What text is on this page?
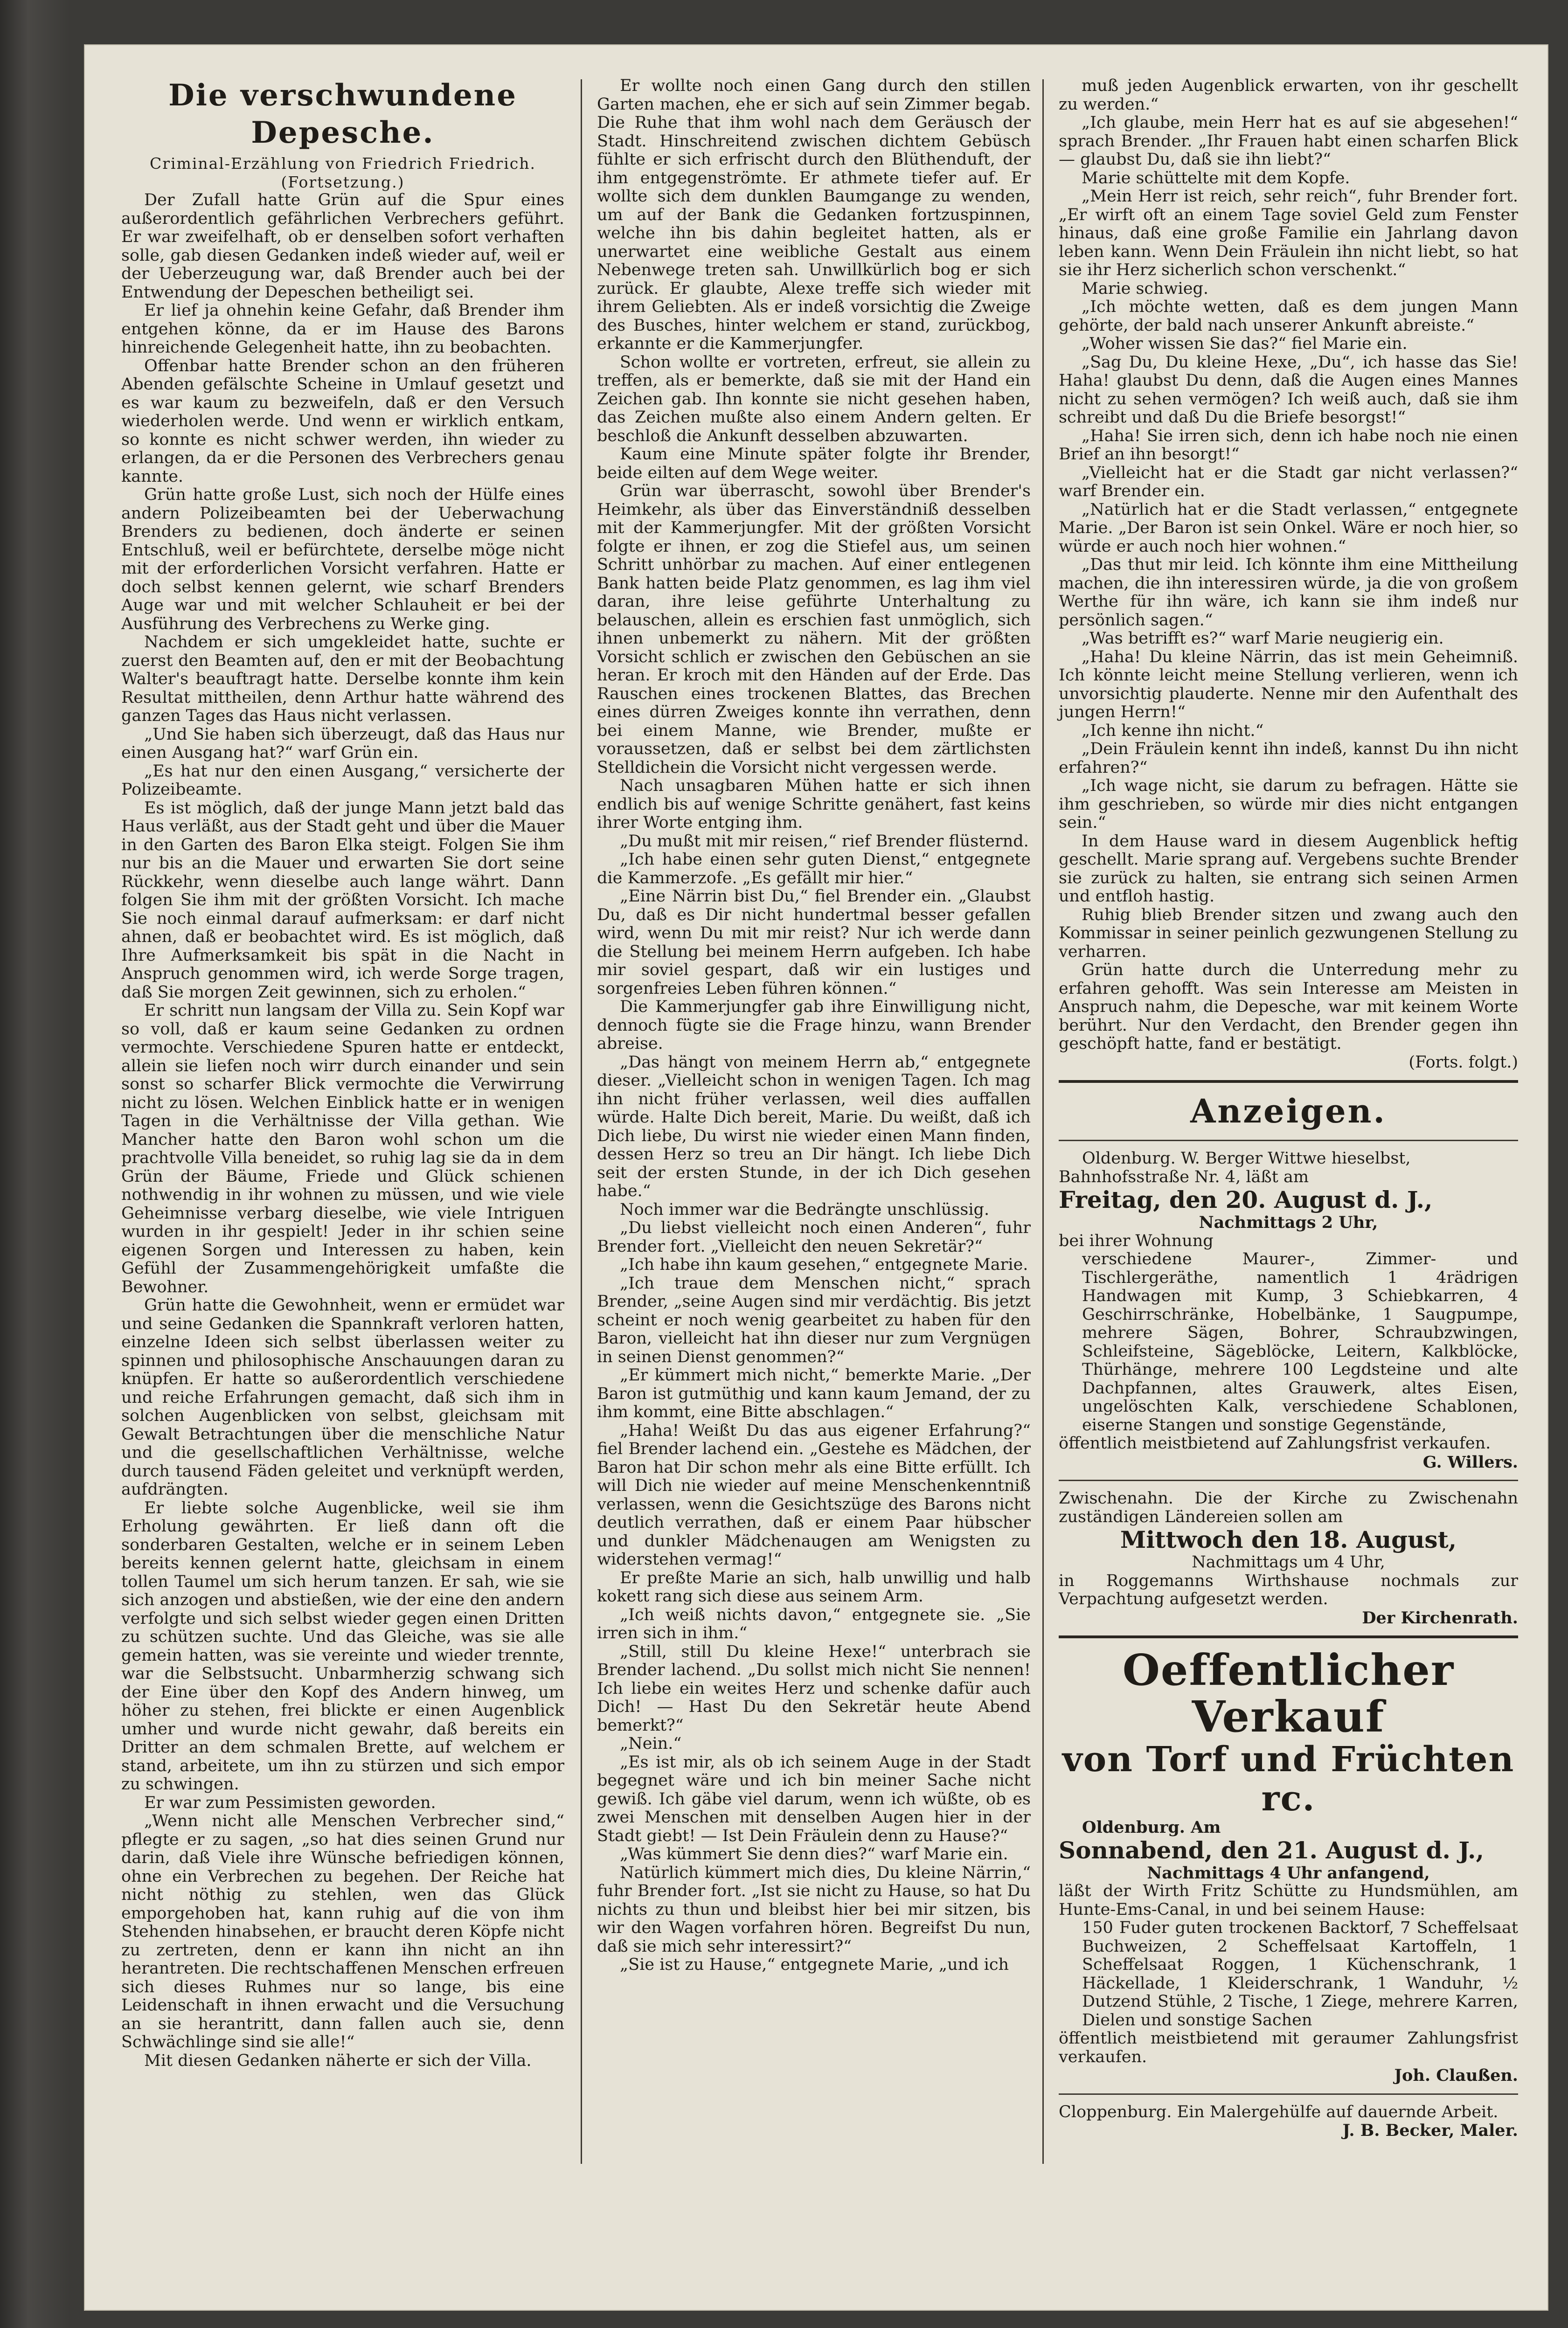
Die verschwundene Depesche.
Criminal-Erzählung von Friedrich Friedrich.
(Fortsetzung.)

Der Zufall hatte Grün auf die Spur eines außerordentlich gefährlichen Verbrechers geführt. Er war zweifelhaft, ob er denselben sofort verhaften solle, gab diesen Gedanken indeß wieder auf, weil er der Ueberzeugung war, daß Brender auch bei der Entwendung der Depeschen betheiligt sei.

Er lief ja ohnehin keine Gefahr, daß Brender ihm entgehen könne, da er im Hause des Barons hinreichende Gelegenheit hatte, ihn zu beobachten.

Offenbar hatte Brender schon an den früheren Abenden gefälschte Scheine in Umlauf gesetzt und es war kaum zu bezweifeln, daß er den Versuch wiederholen werde. Und wenn er wirklich entkam, so konnte es nicht schwer werden, ihn wieder zu erlangen, da er die Personen des Verbrechers genau kannte.

Grün hatte große Lust, sich noch der Hülfe eines andern Polizeibeamten bei der Ueberwachung Brenders zu bedienen, doch änderte er seinen Entschluß, weil er befürchtete, derselbe möge nicht mit der erforderlichen Vorsicht verfahren. Hatte er doch selbst kennen gelernt, wie scharf Brenders Auge war und mit welcher Schlauheit er bei der Ausführung des Verbrechens zu Werke ging.

Nachdem er sich umgekleidet hatte, suchte er zuerst den Beamten auf, den er mit der Beobachtung Walter's beauftragt hatte. Derselbe konnte ihm kein Resultat mittheilen, denn Arthur hatte während des ganzen Tages das Haus nicht verlassen.

„Und Sie haben sich überzeugt, daß das Haus nur einen Ausgang hat?“ warf Grün ein.

„Es hat nur den einen Ausgang,“ versicherte der Polizeibeamte.

Es ist möglich, daß der junge Mann jetzt bald das Haus verläßt, aus der Stadt geht und über die Mauer in den Garten des Baron Elka steigt. Folgen Sie ihm nur bis an die Mauer und erwarten Sie dort seine Rückkehr, wenn dieselbe auch lange währt. Dann folgen Sie ihm mit der größten Vorsicht. Ich mache Sie noch einmal darauf aufmerksam: er darf nicht ahnen, daß er beobachtet wird. Es ist möglich, daß Ihre Aufmerksamkeit bis spät in die Nacht in Anspruch genommen wird, ich werde Sorge tragen, daß Sie morgen Zeit gewinnen, sich zu erholen.“

Er schritt nun langsam der Villa zu. Sein Kopf war so voll, daß er kaum seine Gedanken zu ordnen vermochte. Verschiedene Spuren hatte er entdeckt, allein sie liefen noch wirr durch einander und sein sonst so scharfer Blick vermochte die Verwirrung nicht zu lösen. Welchen Einblick hatte er in wenigen Tagen in die Verhältnisse der Villa gethan. Wie Mancher hatte den Baron wohl schon um die prachtvolle Villa beneidet, so ruhig lag sie da in dem Grün der Bäume, Friede und Glück schienen nothwendig in ihr wohnen zu müssen, und wie viele Geheimnisse verbarg dieselbe, wie viele Intriguen wurden in ihr gespielt! Jeder in ihr schien seine eigenen Sorgen und Interessen zu haben, kein Gefühl der Zusammengehörigkeit umfaßte die Bewohner.

Grün hatte die Gewohnheit, wenn er ermüdet war und seine Gedanken die Spannkraft verloren hatten, einzelne Ideen sich selbst überlassen weiter zu spinnen und philosophische Anschauungen daran zu knüpfen. Er hatte so außerordentlich verschiedene und reiche Erfahrungen gemacht, daß sich ihm in solchen Augenblicken von selbst, gleichsam mit Gewalt Betrachtungen über die menschliche Natur und die gesellschaftlichen Verhältnisse, welche durch tausend Fäden geleitet und verknüpft werden, aufdrängten.

Er liebte solche Augenblicke, weil sie ihm Erholung gewährten. Er ließ dann oft die sonderbaren Gestalten, welche er in seinem Leben bereits kennen gelernt hatte, gleichsam in einem tollen Taumel um sich herum tanzen. Er sah, wie sie sich anzogen und abstießen, wie der eine den andern verfolgte und sich selbst wieder gegen einen Dritten zu schützen suchte. Und das Gleiche, was sie alle gemein hatten, was sie vereinte und wieder trennte, war die Selbstsucht. Unbarmherzig schwang sich der Eine über den Kopf des Andern hinweg, um höher zu stehen, frei blickte er einen Augenblick umher und wurde nicht gewahr, daß bereits ein Dritter an dem schmalen Brette, auf welchem er stand, arbeitete, um ihn zu stürzen und sich empor zu schwingen.

Er war zum Pessimisten geworden.

„Wenn nicht alle Menschen Verbrecher sind,“ pflegte er zu sagen, „so hat dies seinen Grund nur darin, daß Viele ihre Wünsche befriedigen können, ohne ein Verbrechen zu begehen. Der Reiche hat nicht nöthig zu stehlen, wen das Glück emporgehoben hat, kann ruhig auf die von ihm Stehenden hinabsehen, er braucht deren Köpfe nicht zu zertreten, denn er kann ihn nicht an ihn herantreten. Die rechtschaffenen Menschen erfreuen sich dieses Ruhmes nur so lange, bis eine Leidenschaft in ihnen erwacht und die Versuchung an sie herantritt, dann fallen auch sie, denn Schwächlinge sind sie alle!“

Mit diesen Gedanken näherte er sich der Villa.

Er wollte noch einen Gang durch den stillen Garten machen, ehe er sich auf sein Zimmer begab. Die Ruhe that ihm wohl nach dem Geräusch der Stadt. Hinschreitend zwischen dichtem Gebüsch fühlte er sich erfrischt durch den Blüthenduft, der ihm entgegenströmte. Er athmete tiefer auf. Er wollte sich dem dunklen Baumgange zu wenden, um auf der Bank die Gedanken fortzuspinnen, welche ihn bis dahin begleitet hatten, als er unerwartet eine weibliche Gestalt aus einem Nebenwege treten sah. Unwillkürlich bog er sich zurück. Er glaubte, Alexe treffe sich wieder mit ihrem Geliebten. Als er indeß vorsichtig die Zweige des Busches, hinter welchem er stand, zurückbog, erkannte er die Kammerjungfer.

Schon wollte er vortreten, erfreut, sie allein zu treffen, als er bemerkte, daß sie mit der Hand ein Zeichen gab. Ihn konnte sie nicht gesehen haben, das Zeichen mußte also einem Andern gelten. Er beschloß die Ankunft desselben abzuwarten.

Kaum eine Minute später folgte ihr Brender, beide eilten auf dem Wege weiter.

Grün war überrascht, sowohl über Brender's Heimkehr, als über das Einverständniß desselben mit der Kammerjungfer. Mit der größten Vorsicht folgte er ihnen, er zog die Stiefel aus, um seinen Schritt unhörbar zu machen. Auf einer entlegenen Bank hatten beide Platz genommen, es lag ihm viel daran, ihre leise geführte Unterhaltung zu belauschen, allein es erschien fast unmöglich, sich ihnen unbemerkt zu nähern. Mit der größten Vorsicht schlich er zwischen den Gebüschen an sie heran. Er kroch mit den Händen auf der Erde. Das Rauschen eines trockenen Blattes, das Brechen eines dürren Zweiges konnte ihn verrathen, denn bei einem Manne, wie Brender, mußte er voraussetzen, daß er selbst bei dem zärtlichsten Stelldichein die Vorsicht nicht vergessen werde.

Nach unsagbaren Mühen hatte er sich ihnen endlich bis auf wenige Schritte genähert, fast keins ihrer Worte entging ihm.

„Du mußt mit mir reisen,“ rief Brender flüsternd.

„Ich habe einen sehr guten Dienst,“ entgegnete die Kammerzofe. „Es gefällt mir hier.“

„Eine Närrin bist Du,“ fiel Brender ein. „Glaubst Du, daß es Dir nicht hundertmal besser gefallen wird, wenn Du mit mir reist? Nur ich werde dann die Stellung bei meinem Herrn aufgeben. Ich habe mir soviel gespart, daß wir ein lustiges und sorgenfreies Leben führen können.“

Die Kammerjungfer gab ihre Einwilligung nicht, dennoch fügte sie die Frage hinzu, wann Brender abreise.

„Das hängt von meinem Herrn ab,“ entgegnete dieser. „Vielleicht schon in wenigen Tagen. Ich mag ihn nicht früher verlassen, weil dies auffallen würde. Halte Dich bereit, Marie. Du weißt, daß ich Dich liebe, Du wirst nie wieder einen Mann finden, dessen Herz so treu an Dir hängt. Ich liebe Dich seit der ersten Stunde, in der ich Dich gesehen habe.“

Noch immer war die Bedrängte unschlüssig.

„Du liebst vielleicht noch einen Anderen“, fuhr Brender fort. „Vielleicht den neuen Sekretär?“

„Ich habe ihn kaum gesehen,“ entgegnete Marie.

„Ich traue dem Menschen nicht,“ sprach Brender, „seine Augen sind mir verdächtig. Bis jetzt scheint er noch wenig gearbeitet zu haben für den Baron, vielleicht hat ihn dieser nur zum Vergnügen in seinen Dienst genommen?“

„Er kümmert mich nicht,“ bemerkte Marie. „Der Baron ist gutmüthig und kann kaum Jemand, der zu ihm kommt, eine Bitte abschlagen.“

„Haha! Weißt Du das aus eigener Erfahrung?“ fiel Brender lachend ein. „Gestehe es Mädchen, der Baron hat Dir schon mehr als eine Bitte erfüllt. Ich will Dich nie wieder auf meine Menschenkenntniß verlassen, wenn die Gesichtszüge des Barons nicht deutlich verrathen, daß er einem Paar hübscher und dunkler Mädchenaugen am Wenigsten zu widerstehen vermag!“

Er preßte Marie an sich, halb unwillig und halb kokett rang sich diese aus seinem Arm.

„Ich weiß nichts davon,“ entgegnete sie. „Sie irren sich in ihm.“

„Still, still Du kleine Hexe!“ unterbrach sie Brender lachend. „Du sollst mich nicht Sie nennen! Ich liebe ein weites Herz und schenke dafür auch Dich! — Hast Du den Sekretär heute Abend bemerkt?“

„Nein.“

„Es ist mir, als ob ich seinem Auge in der Stadt begegnet wäre und ich bin meiner Sache nicht gewiß. Ich gäbe viel darum, wenn ich wüßte, ob es zwei Menschen mit denselben Augen hier in der Stadt giebt! — Ist Dein Fräulein denn zu Hause?“

„Was kümmert Sie denn dies?“ warf Marie ein.

Natürlich kümmert mich dies, Du kleine Närrin,“ fuhr Brender fort. „Ist sie nicht zu Hause, so hat Du nichts zu thun und bleibst hier bei mir sitzen, bis wir den Wagen vorfahren hören. Begreifst Du nun, daß sie mich sehr interessirt?“

„Sie ist zu Hause,“ entgegnete Marie, „und ich

muß jeden Augenblick erwarten, von ihr geschellt zu werden.“

„Ich glaube, mein Herr hat es auf sie abgesehen!“ sprach Brender. „Ihr Frauen habt einen scharfen Blick — glaubst Du, daß sie ihn liebt?“

Marie schüttelte mit dem Kopfe.

„Mein Herr ist reich, sehr reich“, fuhr Brender fort. „Er wirft oft an einem Tage soviel Geld zum Fenster hinaus, daß eine große Familie ein Jahrlang davon leben kann. Wenn Dein Fräulein ihn nicht liebt, so hat sie ihr Herz sicherlich schon verschenkt.“

Marie schwieg.

„Ich möchte wetten, daß es dem jungen Mann gehörte, der bald nach unserer Ankunft abreiste.“

„Woher wissen Sie das?“ fiel Marie ein.

„Sag Du, Du kleine Hexe, „Du“, ich hasse das Sie! Haha! glaubst Du denn, daß die Augen eines Mannes nicht zu sehen vermögen? Ich weiß auch, daß sie ihm schreibt und daß Du die Briefe besorgst!“

„Haha! Sie irren sich, denn ich habe noch nie einen Brief an ihn besorgt!“

„Vielleicht hat er die Stadt gar nicht verlassen?“ warf Brender ein.

„Natürlich hat er die Stadt verlassen,“ entgegnete Marie. „Der Baron ist sein Onkel. Wäre er noch hier, so würde er auch noch hier wohnen.“

„Das thut mir leid. Ich könnte ihm eine Mittheilung machen, die ihn interessiren würde, ja die von großem Werthe für ihn wäre, ich kann sie ihm indeß nur persönlich sagen.“

„Was betrifft es?“ warf Marie neugierig ein.

„Haha! Du kleine Närrin, das ist mein Geheimniß. Ich könnte leicht meine Stellung verlieren, wenn ich unvorsichtig plauderte. Nenne mir den Aufenthalt des jungen Herrn!“

„Ich kenne ihn nicht.“

„Dein Fräulein kennt ihn indeß, kannst Du ihn nicht erfahren?“

„Ich wage nicht, sie darum zu befragen. Hätte sie ihm geschrieben, so würde mir dies nicht entgangen sein.“

In dem Hause ward in diesem Augenblick heftig geschellt. Marie sprang auf. Vergebens suchte Brender sie zurück zu halten, sie entrang sich seinen Armen und entfloh hastig.

Ruhig blieb Brender sitzen und zwang auch den Kommissar in seiner peinlich gezwungenen Stellung zu verharren.

Grün hatte durch die Unterredung mehr zu erfahren gehofft. Was sein Interesse am Meisten in Anspruch nahm, die Depesche, war mit keinem Worte berührt. Nur den Verdacht, den Brender gegen ihn geschöpft hatte, fand er bestätigt.

(Forts. folgt.)
Anzeigen.

Oldenburg. W. Berger Wittwe hieselbst,

Bahnhofsstraße Nr. 4, läßt am

Freitag, den 20. August d. J.,

Nachmittags 2 Uhr,

bei ihrer Wohnung

verschiedene Maurer-, Zimmer- und Tischlergeräthe, namentlich 1 4rädrigen Handwagen mit Kump, 3 Schiebkarren, 4 Geschirrschränke, Hobelbänke, 1 Saugpumpe, mehrere Sägen, Bohrer, Schraubzwingen, Schleifsteine, Sägeblöcke, Leitern, Kalkblöcke, Thürhänge, mehrere 100 Legdsteine und alte Dachpfannen, altes Grauwerk, altes Eisen, ungelöschten Kalk, verschiedene Schablonen, eiserne Stangen und sonstige Gegenstände,

öffentlich meistbietend auf Zahlungsfrist verkaufen.

G. Willers.

Zwischenahn. Die der Kirche zu Zwischenahn zuständigen Ländereien sollen am

Mittwoch den 18. August,

Nachmittags um 4 Uhr,

in Roggemanns Wirthshause nochmals zur Verpachtung aufgesetzt werden.

Der Kirchenrath.

Oeffentlicher Verkauf
von Torf und Früchten rc.

Oldenburg. Am

Sonnabend, den 21. August d. J.,

Nachmittags 4 Uhr anfangend,

läßt der Wirth Fritz Schütte zu Hundsmühlen, am Hunte-Ems-Canal, in und bei seinem Hause:

150 Fuder guten trockenen Backtorf, 7 Scheffelsaat Buchweizen, 2 Scheffelsaat Kartoffeln, 1 Scheffelsaat Roggen, 1 Küchenschrank, 1 Häckellade, 1 Kleiderschrank, 1 Wanduhr, ½ Dutzend Stühle, 2 Tische, 1 Ziege, mehrere Karren, Dielen und sonstige Sachen

öffentlich meistbietend mit geraumer Zahlungsfrist verkaufen.

Joh. Claußen.

Cloppenburg. Ein Malergehülfe auf dauernde Arbeit.

J. B. Becker, Maler.
